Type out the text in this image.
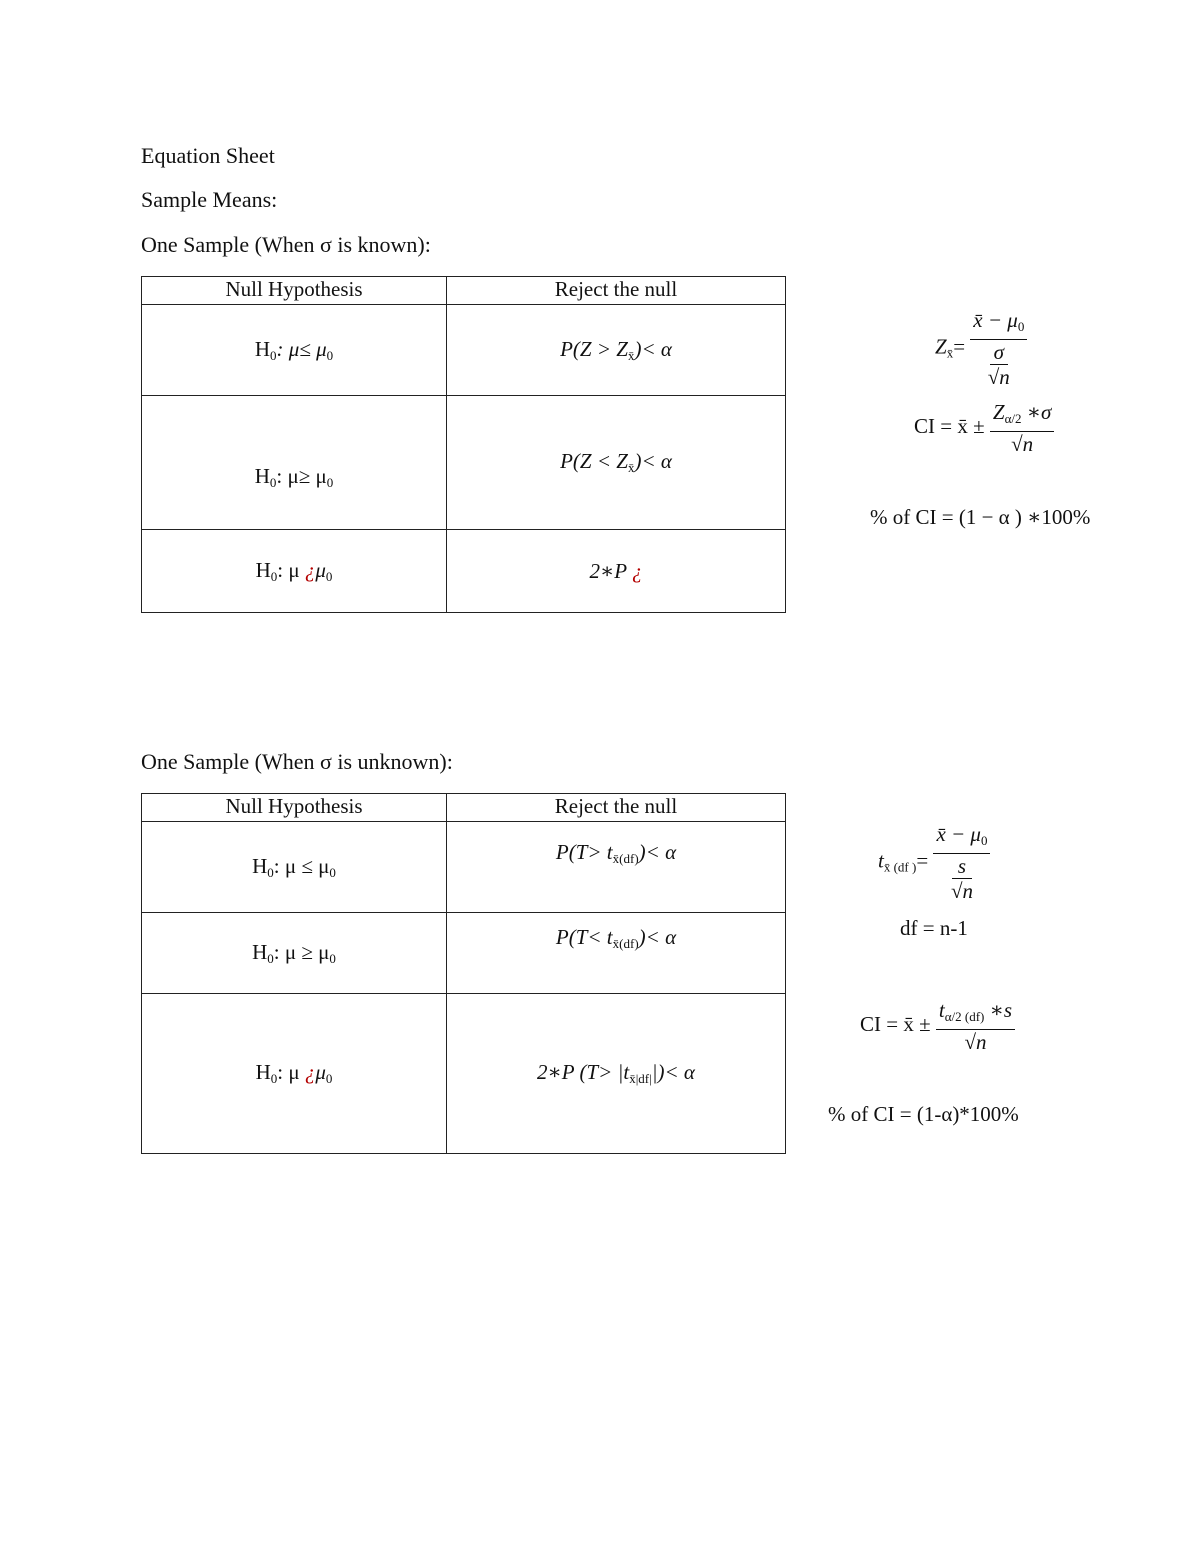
Equation Sheet
Sample Means:
One Sample (When σ is known):
Null Hypothesis	Reject the null
$H_0$: $\mu\le \mu_0$	$P(Z > Z_{x̄})< \alpha$
$H_0$: $\mu\ge \mu_0$	$P(Z < Z_{x̄})< \alpha$
$H_0$: μ ¿$\mu_0$	2∗P ¿
$Z_{x̄}=$ x̄ − $\mu_0$
σ
√n
CI = x̄ ± $\frac{Z_{\alpha/2} ∗\sigma}{√n}$
% of CI = (1 − α ) ∗100%
One Sample (When σ is unknown):
Null Hypothesis	Reject the null
$H_0$: $\mu \le \mu_0$	$P(T> t_{x̄(df)})< \alpha$
$H_0$: $\mu \ge \mu_0$	$P(T< t_{x̄(df)})< \alpha$
$H_0$: μ ¿$\mu_0$	2∗P $(T> |t_{x̄|df|}|)< \alpha$
$t_{x̄ (df )}=$ x̄ − $\mu_0$
s
√n
df = n-1
CI = x̄ ± $\frac{t_{\alpha/2 (df)} ∗s}{√n}$
% of CI = (1-α)*100%
